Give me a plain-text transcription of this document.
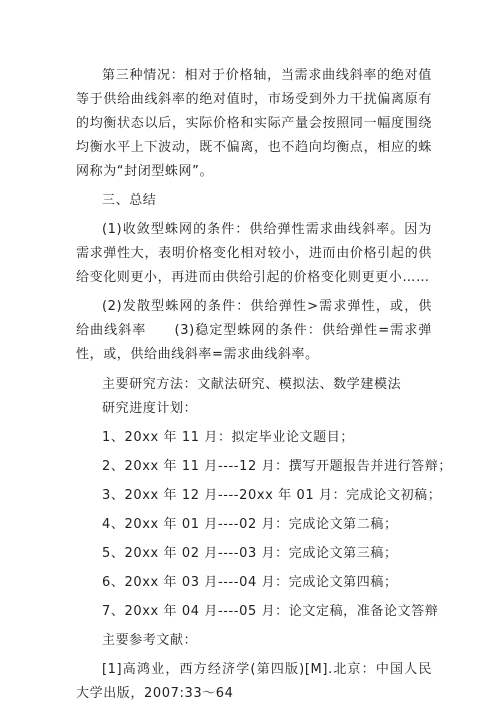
第三种情况：相对于价格轴，当需求曲线斜率的绝对值等于供给曲线斜率的绝对值时，市场受到外力干扰偏离原有的均衡状态以后，实际价格和实际产量会按照同一幅度围绕均衡水平上下波动，既不偏离，也不趋向均衡点，相应的蛛网称为“封闭型蛛网”。

三、总结

(1)收敛型蛛网的条件：供给弹性需求曲线斜率。因为需求弹性大，表明价格变化相对较小，进而由价格引起的供给变化则更小，再进而由供给引起的价格变化则更更小……

(2)发散型蛛网的条件：供给弹性>需求弹性，或，供给曲线斜率　　(3)稳定型蛛网的条件：供给弹性=需求弹性，或，供给曲线斜率=需求曲线斜率。

主要研究方法：文献法研究、模拟法、数学建模法

研究进度计划：

1、20xx 年 11 月：拟定毕业论文题目；

2、20xx 年 11 月----12 月：撰写开题报告并进行答辩；

3、20xx 年 12 月----20xx 年 01 月：完成论文初稿；

4、20xx 年 01 月----02 月：完成论文第二稿；

5、20xx 年 02 月----03 月：完成论文第三稿；

6、20xx 年 03 月----04 月：完成论文第四稿；

7、20xx 年 04 月----05 月：论文定稿，准备论文答辩

主要参考文献：

[1]高鸿业，西方经济学(第四版)[M].北京：中国人民大学出版，2007:33～64
